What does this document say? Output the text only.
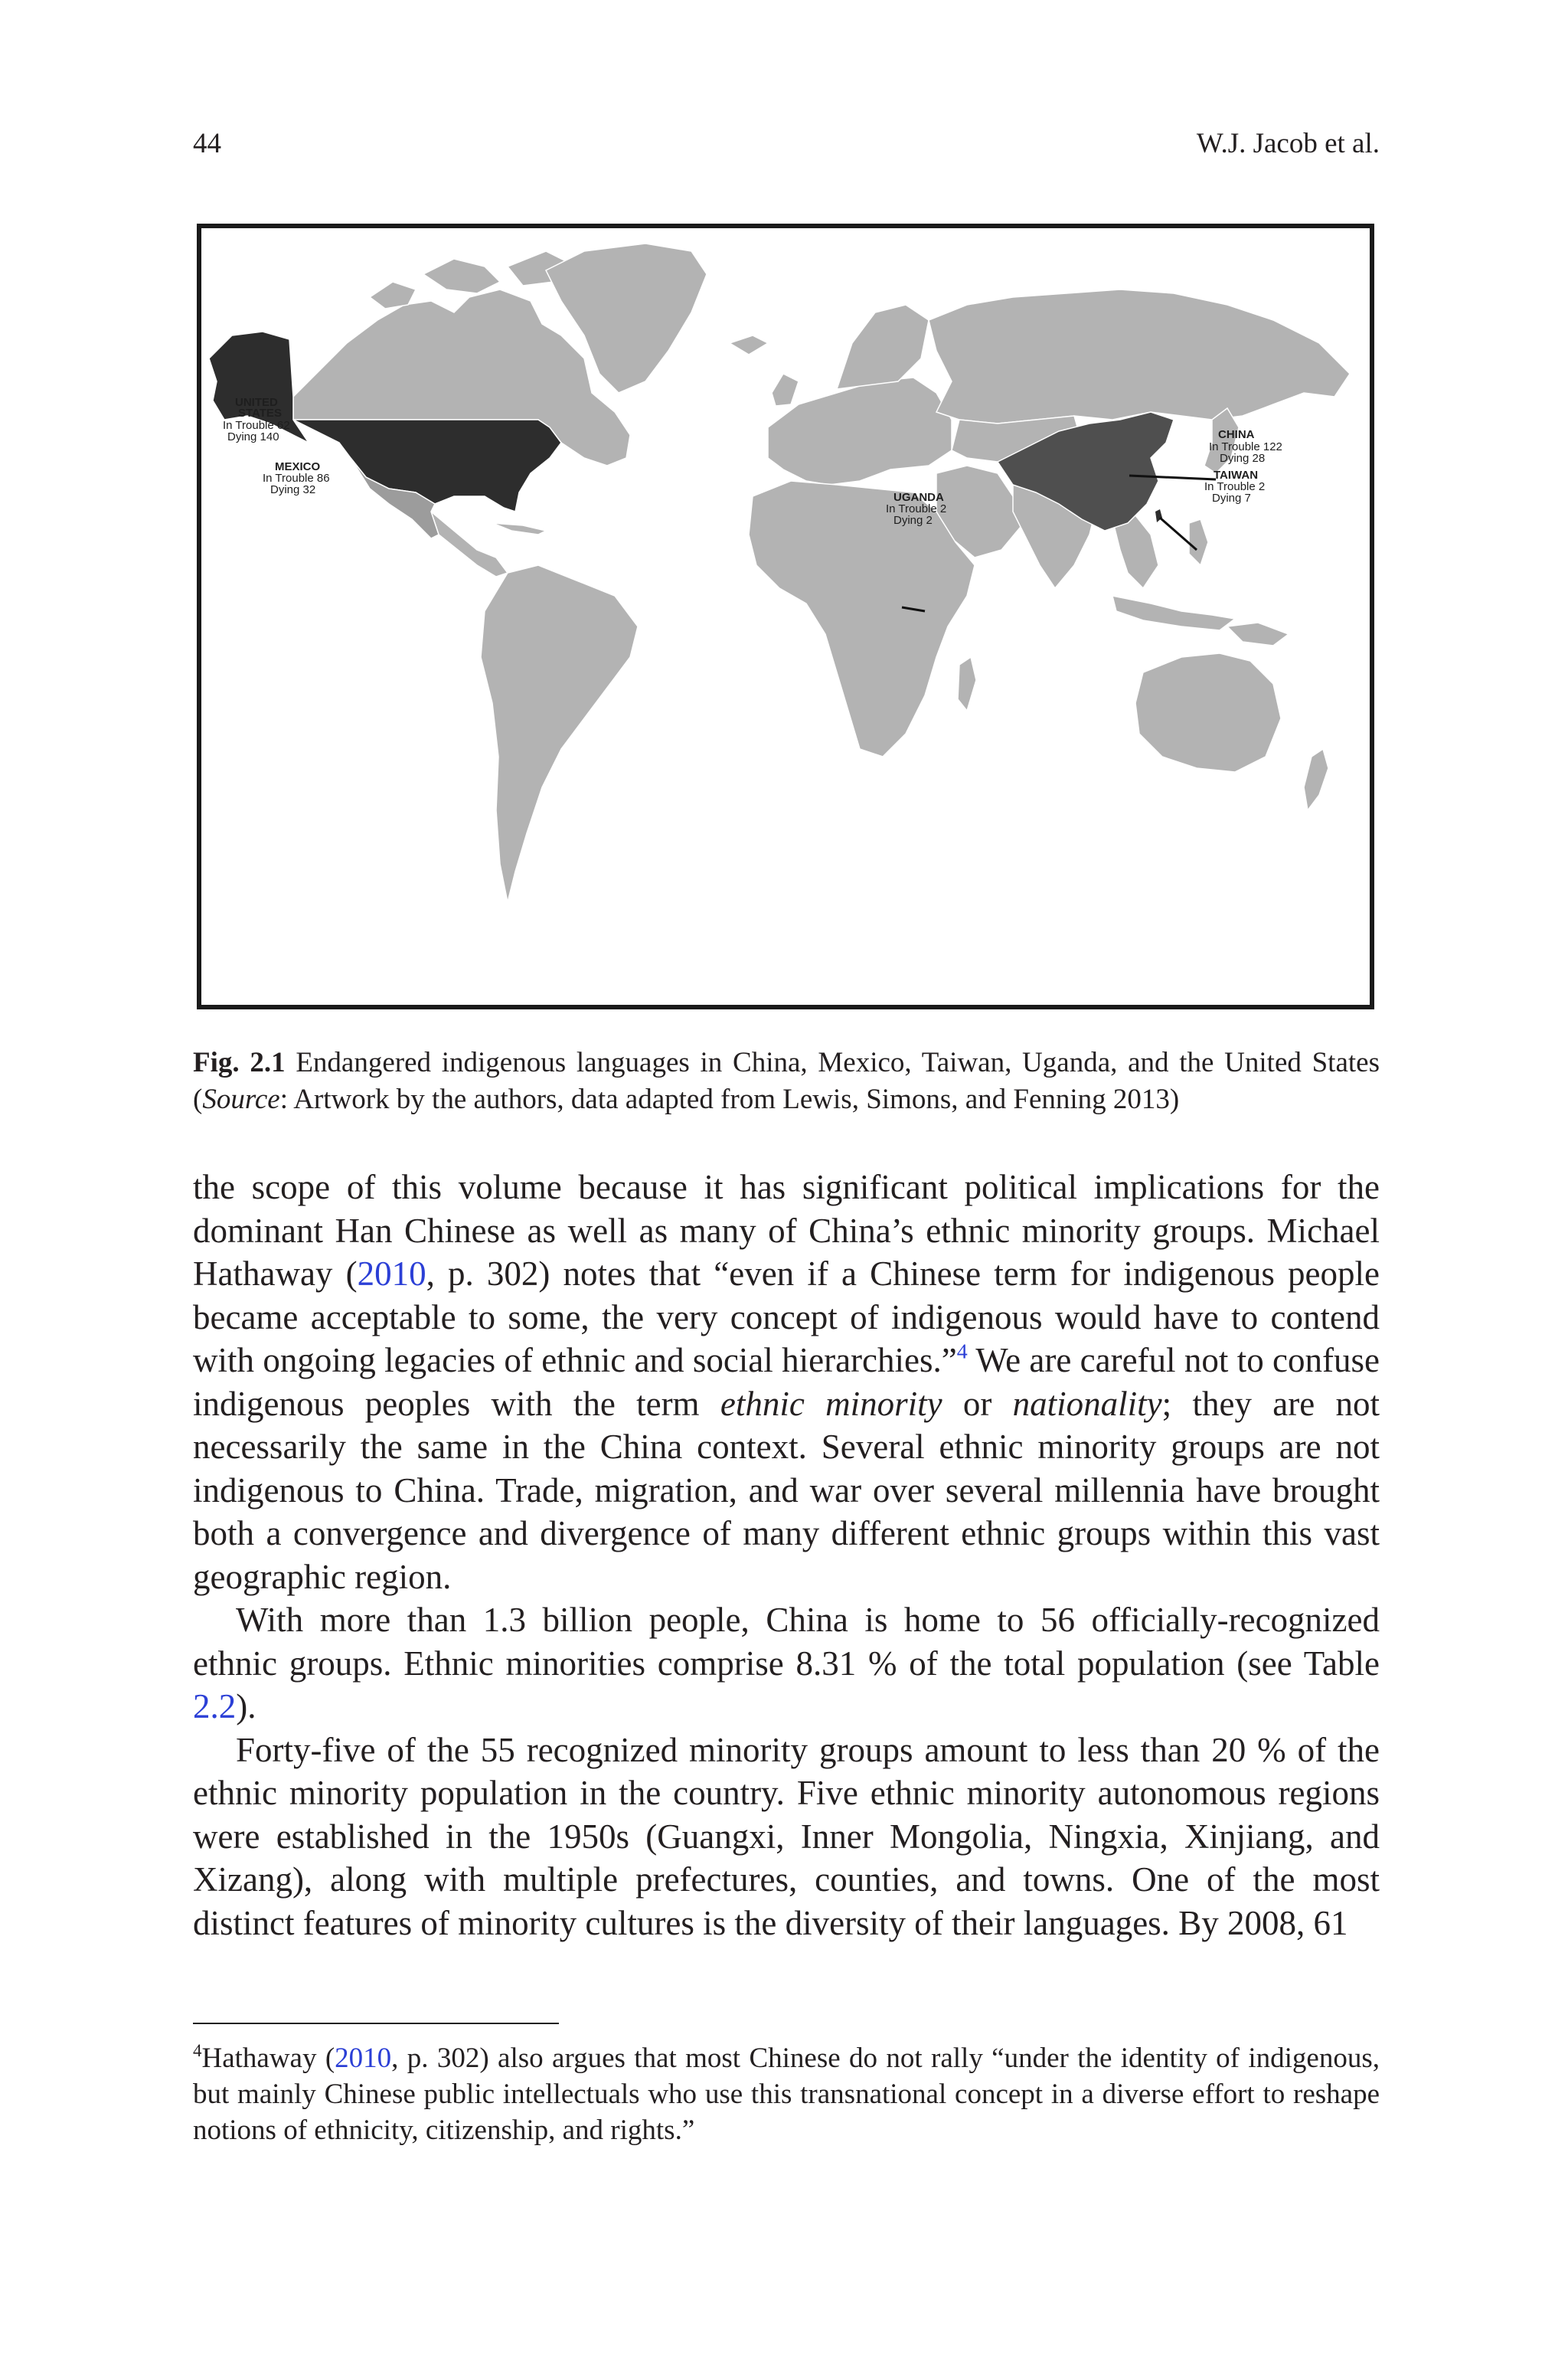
44	W.J. Jacob et al.
UNITED
STATES
In Trouble 62
Dying 140
MEXICO
In Trouble 86
Dying 32
CHINA
In Trouble 122
Dying 28
TAIWAN
In Trouble 2
Dying 7
UGANDA
In Trouble 2
Dying 2
Fig. 2.1 Endangered indigenous languages in China, Mexico, Taiwan, Uganda, and the United States (Source: Artwork by the authors, data adapted from Lewis, Simons, and Fenning 2013)

the scope of this volume because it has significant political implications for the dominant Han Chinese as well as many of China’s ethnic minority groups. Michael Hathaway (2010, p. 302) notes that “even if a Chinese term for indigenous people became acceptable to some, the very concept of indigenous would have to contend with ongoing legacies of ethnic and social hierarchies.”$^4$ We are careful not to confuse indigenous peoples with the term ethnic minority or nationality; they are not necessarily the same in the China context. Several ethnic minority groups are not indigenous to China. Trade, migration, and war over several millennia have brought both a convergence and divergence of many different ethnic groups within this vast geographic region.

With more than 1.3 billion people, China is home to 56 officially-recognized ethnic groups. Ethnic minorities comprise 8.31 % of the total population (see Table 2.2).

Forty-five of the 55 recognized minority groups amount to less than 20 % of the ethnic minority population in the country. Five ethnic minority autonomous regions were established in the 1950s (Guangxi, Inner Mongolia, Ningxia, Xinjiang, and Xizang), along with multiple prefectures, counties, and towns. One of the most distinct features of minority cultures is the diversity of their languages. By 2008, 61

$^4$Hathaway (2010, p. 302) also argues that most Chinese do not rally “under the identity of indigenous, but mainly Chinese public intellectuals who use this transnational concept in a diverse effort to reshape notions of ethnicity, citizenship, and rights.”
